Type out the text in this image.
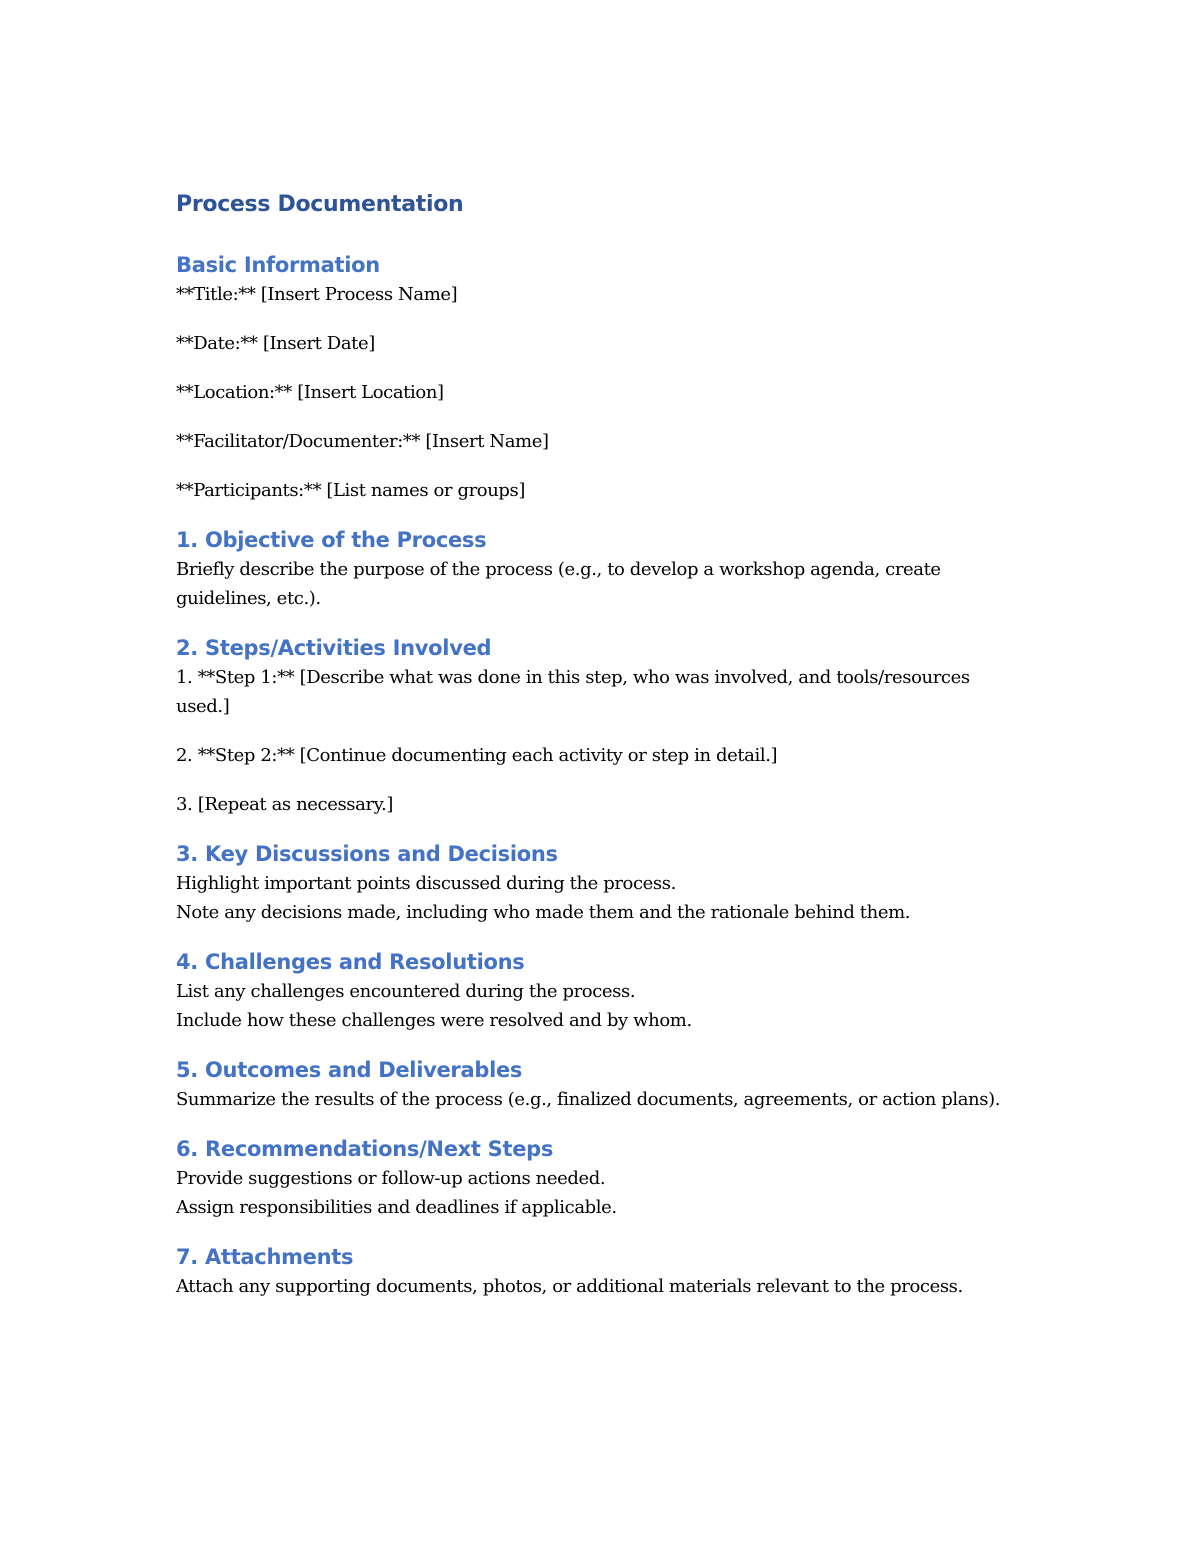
Process Documentation
Basic Information

**Title:** [Insert Process Name]

**Date:** [Insert Date]

**Location:** [Insert Location]

**Facilitator/Documenter:** [Insert Name]

**Participants:** [List names or groups]

1. Objective of the Process

Briefly describe the purpose of the process (e.g., to develop a workshop agenda, create guidelines, etc.).

2. Steps/Activities Involved

1. **Step 1:** [Describe what was done in this step, who was involved, and tools/resources used.]

2. **Step 2:** [Continue documenting each activity or step in detail.]

3. [Repeat as necessary.]

3. Key Discussions and Decisions

Highlight important points discussed during the process.

Note any decisions made, including who made them and the rationale behind them.

4. Challenges and Resolutions

List any challenges encountered during the process.

Include how these challenges were resolved and by whom.

5. Outcomes and Deliverables

Summarize the results of the process (e.g., finalized documents, agreements, or action plans).

6. Recommendations/Next Steps

Provide suggestions or follow-up actions needed.

Assign responsibilities and deadlines if applicable.

7. Attachments

Attach any supporting documents, photos, or additional materials relevant to the process.
